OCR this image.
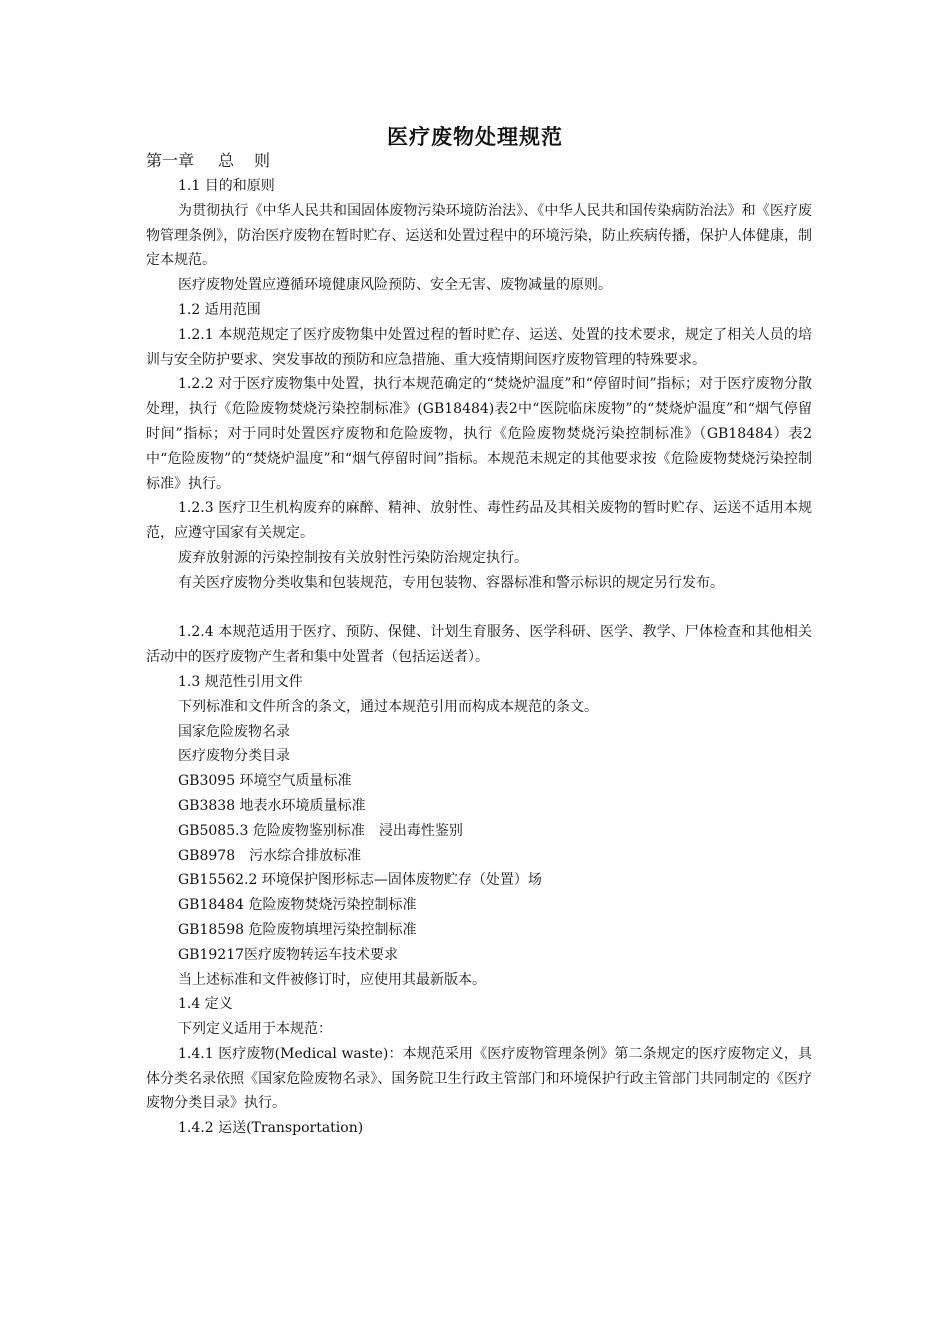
医疗废物处理规范
第一章 总 则

1.1 目的和原则

为贯彻执行《中华人民共和国固体废物污染环境防治法》、《中华人民共和国传染病防治法》和《医疗废物管理条例》，防治医疗废物在暂时贮存、运送和处置过程中的环境污染，防止疾病传播，保护人体健康，制定本规范。

医疗废物处置应遵循环境健康风险预防、安全无害、废物减量的原则。

1.2 适用范围

1.2.1 本规范规定了医疗废物集中处置过程的暂时贮存、运送、处置的技术要求，规定了相关人员的培训与安全防护要求、突发事故的预防和应急措施、重大疫情期间医疗废物管理的特殊要求。

1.2.2 对于医疗废物集中处置，执行本规范确定的“焚烧炉温度”和“停留时间”指标；对于医疗废物分散处理，执行《危险废物焚烧污染控制标准》(GB18484)表2中“医院临床废物”的“焚烧炉温度”和“烟气停留时间”指标；对于同时处置医疗废物和危险废物，执行《危险废物焚烧污染控制标准》（GB18484）表2中“危险废物”的“焚烧炉温度”和“烟气停留时间”指标。本规范未规定的其他要求按《危险废物焚烧污染控制标准》执行。

1.2.3 医疗卫生机构废弃的麻醉、精神、放射性、毒性药品及其相关废物的暂时贮存、运送不适用本规范，应遵守国家有关规定。

废弃放射源的污染控制按有关放射性污染防治规定执行。

有关医疗废物分类收集和包装规范，专用包装物、容器标准和警示标识的规定另行发布。

1.2.4 本规范适用于医疗、预防、保健、计划生育服务、医学科研、医学、教学、尸体检查和其他相关活动中的医疗废物产生者和集中处置者（包括运送者）。

1.3 规范性引用文件

下列标准和文件所含的条文，通过本规范引用而构成本规范的条文。

国家危险废物名录

医疗废物分类目录

GB3095 环境空气质量标准

GB3838 地表水环境质量标准

GB5085.3 危险废物鉴别标准　浸出毒性鉴别

GB8978　污水综合排放标准

GB15562.2 环境保护图形标志—固体废物贮存（处置）场

GB18484 危险废物焚烧污染控制标准

GB18598 危险废物填埋污染控制标准

GB19217医疗废物转运车技术要求

当上述标准和文件被修订时，应使用其最新版本。

1.4 定义

下列定义适用于本规范：

1.4.1 医疗废物(Medical waste)：本规范采用《医疗废物管理条例》第二条规定的医疗废物定义，具体分类名录依照《国家危险废物名录》、国务院卫生行政主管部门和环境保护行政主管部门共同制定的《医疗废物分类目录》执行。

1.4.2 运送(Transportation)
